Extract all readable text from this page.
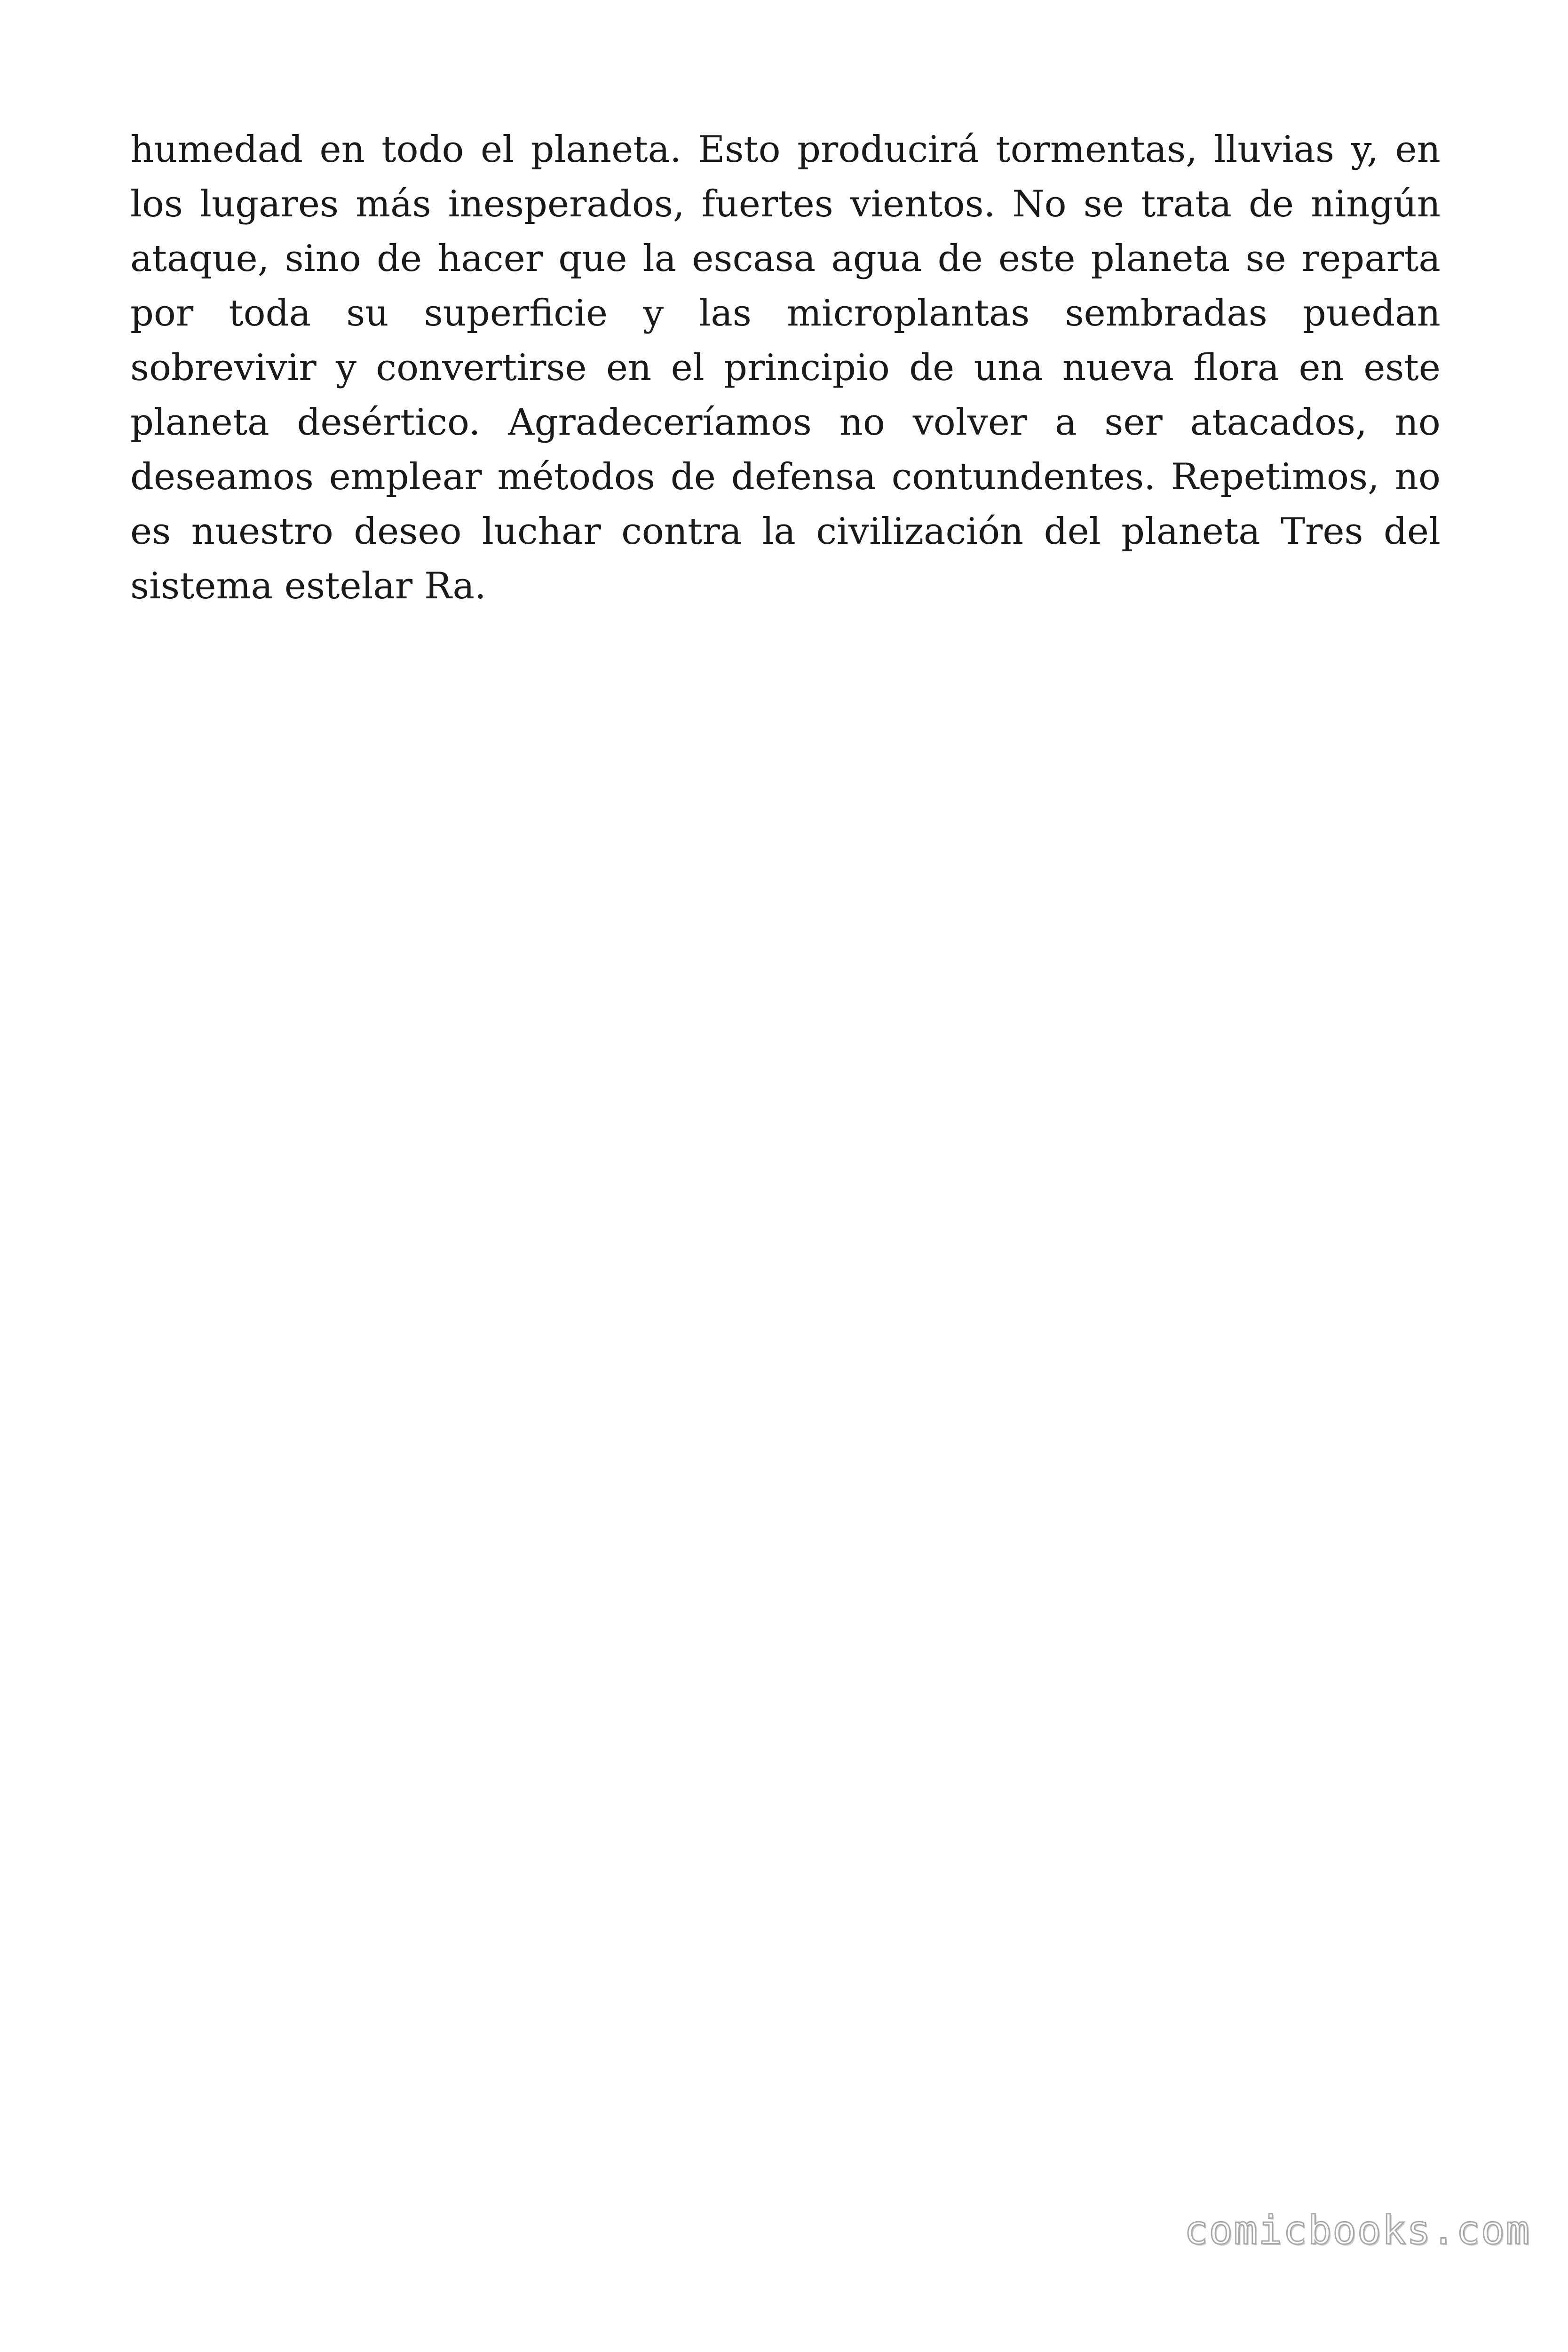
humedad en todo el planeta. Esto producirá tormentas, lluvias y, en
los lugares más inesperados, fuertes vientos. No se trata de ningún
ataque, sino de hacer que la escasa agua de este planeta se reparta
por toda su superficie y las microplantas sembradas puedan
sobrevivir y convertirse en el principio de una nueva flora en este
planeta desértico. Agradeceríamos no volver a ser atacados, no
deseamos emplear métodos de defensa contundentes. Repetimos, no
es nuestro deseo luchar contra la civilización del planeta Tres del
sistema
estelar
Ra.
comicbooks.com
